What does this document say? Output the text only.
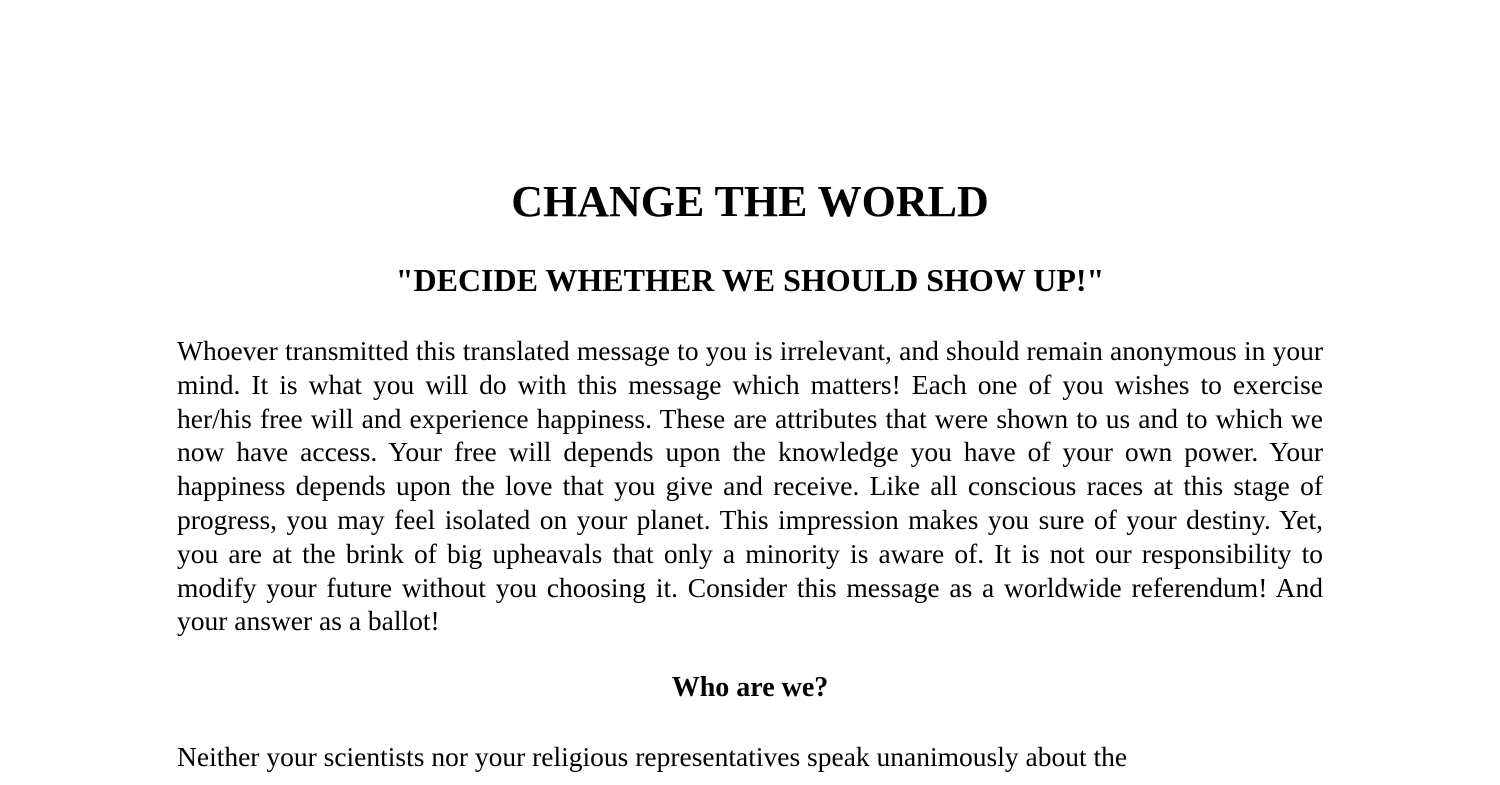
CHANGE THE WORLD
"DECIDE WHETHER WE SHOULD SHOW UP!"

Whoever transmitted this translated message to you is irrelevant, and should remain anonymous in your mind. It is what you will do with this message which matters! Each one of you wishes to exercise her/his free will and experience happiness. These are attributes that were shown to us and to which we now have access. Your free will depends upon the knowledge you have of your own power. Your happiness depends upon the love that you give and receive. Like all conscious races at this stage of progress, you may feel isolated on your planet. This impression makes you sure of your destiny. Yet, you are at the brink of big upheavals that only a minority is aware of. It is not our responsibility to modify your future without you choosing it. Consider this message as a worldwide referendum! And your answer as a ballot!

Who are we?

Neither your scientists nor your religious representatives speak unanimously about the
